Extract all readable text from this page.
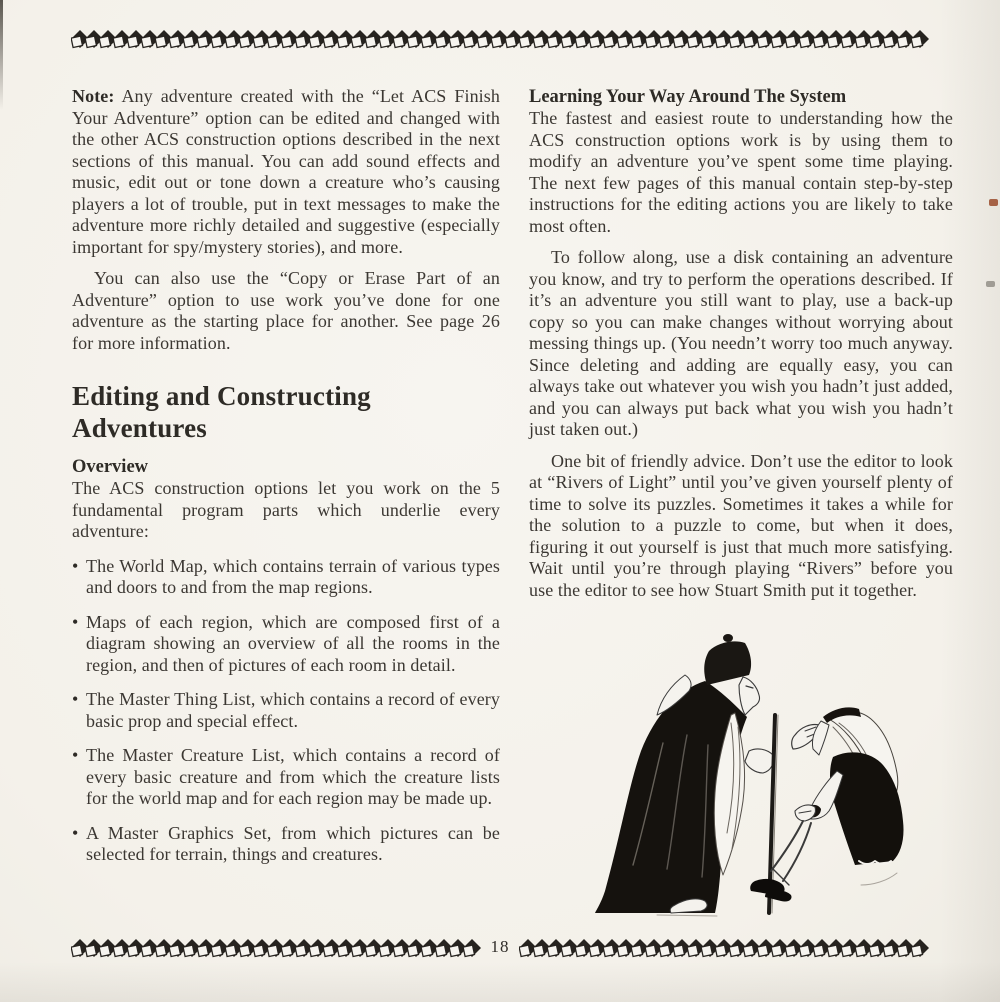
Note: Any adventure created with the “Let ACS Finish Your Adventure” option can be edited and changed with the other ACS construction options described in the next sections of this manual. You can add sound effects and music, edit out or tone down a creature who’s causing players a lot of trouble, put in text messages to make the adventure more richly detailed and suggestive (especially important for spy/mystery stories), and more.

You can also use the “Copy or Erase Part of an Adventure” option to use work you’ve done for one adventure as the starting place for another. See page 26 for more information.

Editing and Constructing Adventures
Overview

The ACS construction options let you work on the 5 fundamental program parts which underlie every adventure:

• The World Map, which contains terrain of various types and doors to and from the map regions.
• Maps of each region, which are composed first of a diagram showing an overview of all the rooms in the region, and then of pictures of each room in detail.
• The Master Thing List, which contains a record of every basic prop and special effect.
• The Master Creature List, which contains a record of every basic creature and from which the creature lists for the world map and for each region may be made up.
• A Master Graphics Set, from which pictures can be selected for terrain, things and creatures.
Learning Your Way Around The System

The fastest and easiest route to understanding how the ACS construction options work is by using them to modify an adventure you’ve spent some time playing. The next few pages of this manual contain step-by-step instructions for the editing actions you are likely to take most often.

To follow along, use a disk containing an adventure you know, and try to perform the operations described. If it’s an adventure you still want to play, use a back-up copy so you can make changes without worrying about messing things up. (You needn’t worry too much anyway. Since deleting and adding are equally easy, you can always take out whatever you wish you hadn’t just added, and you can always put back what you wish you hadn’t just taken out.)

One bit of friendly advice. Don’t use the editor to look at “Rivers of Light” until you’ve given yourself plenty of time to solve its puzzles. Sometimes it takes a while for the solution to a puzzle to come, but when it does, figuring it out yourself is just that much more satisfying. Wait until you’re through playing “Rivers” before you use the editor to see how Stuart Smith put it together.

18
